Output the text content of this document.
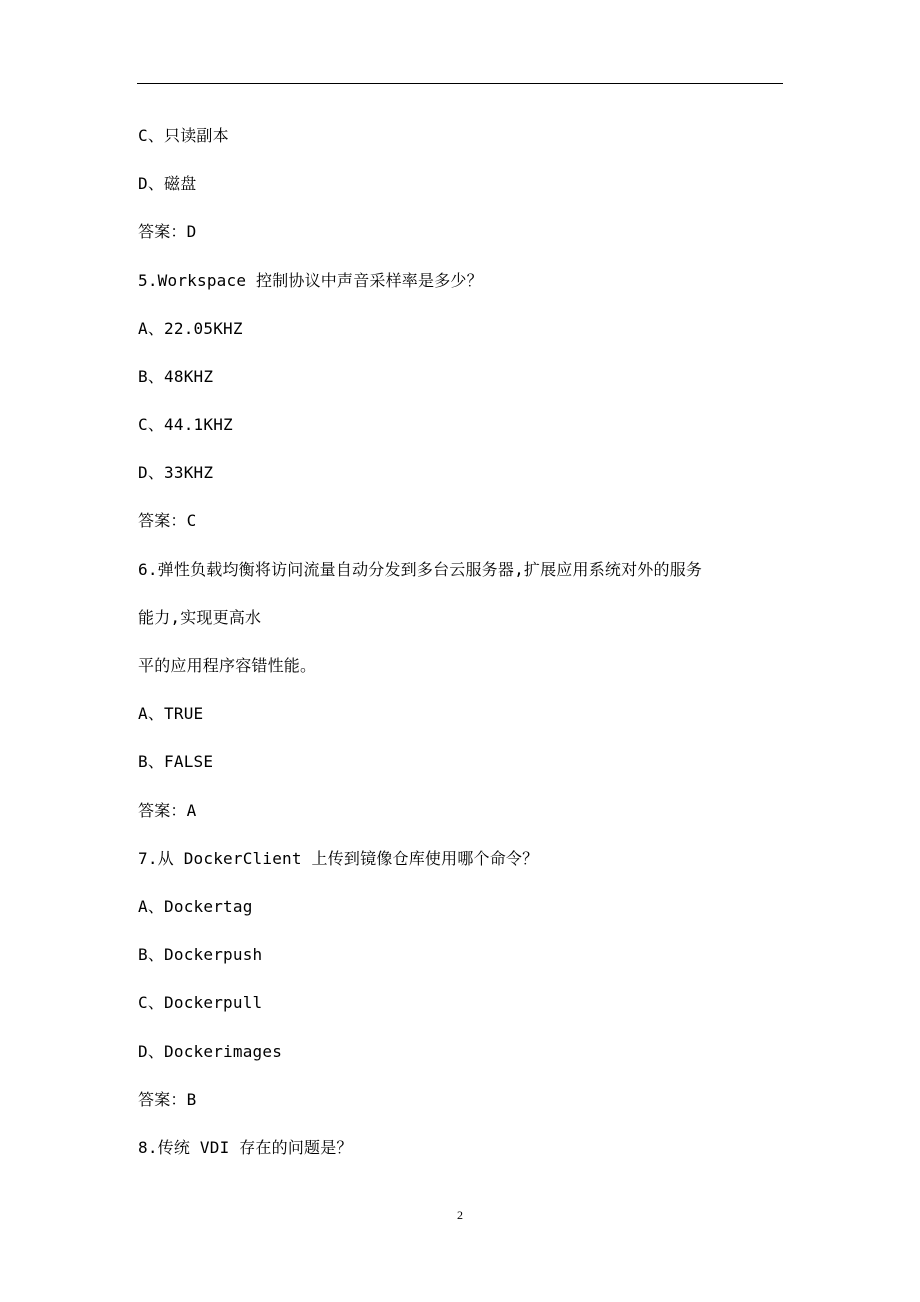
C、只读副本
D、磁盘
答案：D
5.Workspace 控制协议中声音采样率是多少？
A、22.05KHZ
B、48KHZ
C、44.1KHZ
D、33KHZ
答案：C
6.弹性负载均衡将访问流量自动分发到多台云服务器,扩展应用系统对外的服务
能力,实现更高水
平的应用程序容错性能。
A、TRUE
B、FALSE
答案：A
7.从 DockerClient 上传到镜像仓库使用哪个命令？
A、Dockertag
B、Dockerpush
C、Dockerpull
D、Dockerimages
答案：B
8.传统 VDI 存在的问题是？
2
